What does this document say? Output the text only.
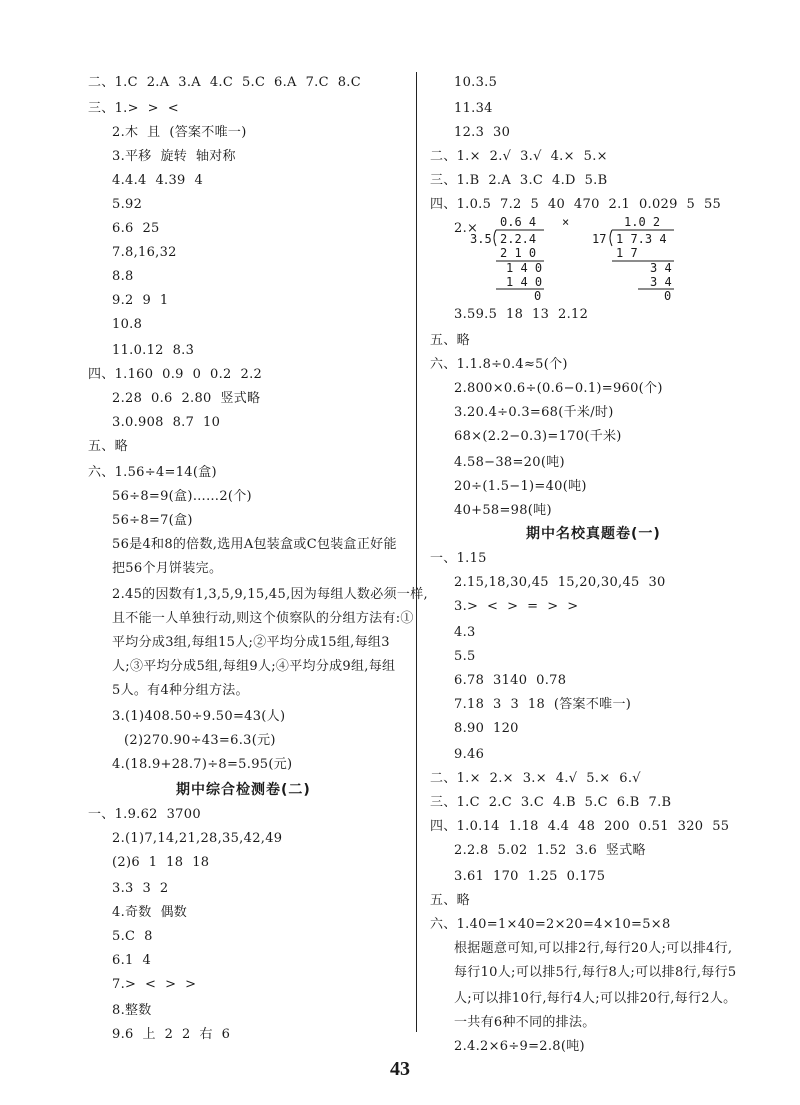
二、1.C  2.A  3.A  4.C  5.C  6.A  7.C  8.C
三、1.>  >  <
2.木  且  (答案不唯一)
3.平移  旋转  轴对称
4.4.4  4.39  4
5.92
6.6  25
7.8,16,32
8.8
9.2  9  1
10.8
11.0.12  8.3̇
四、1.160  0.9  0  0.2  2.2
2.28  0.6  2.80  竖式略
3.0.908  8.7  10
五、略
六、1.56÷4=14(盒)
56÷8=9(盒)……2(个)
56÷8=7(盒)
56是4和8的倍数,选用A包装盒或C包装盒正好能
把56个月饼装完。
2.45的因数有1,3,5,9,15,45,因为每组人数必须一样,
且不能一人单独行动,则这个侦察队的分组方法有:①
平均分成3组,每组15人;②平均分成15组,每组3
人;③平均分成5组,每组9人;④平均分成9组,每组
5人。有4种分组方法。
3.(1)408.50÷9.50=43(人)
(2)270.90÷43=6.3(元)
4.(18.9+28.7)÷8=5.95(元)
期中综合检测卷(二)
一、1.9.62  3700
2.(1)7,14,21,28,35,42,49
(2)6  1  18  18
3.3  3  2
4.奇数  偶数
5.C  8
6.1  4
7.>  <  >  >
8.整数
9.6  上  2  2  右  6
10.3.5
11.34
12.3  30
二、1.×  2.√  3.√  4.×  5.×
三、1.B  2.A  3.C  4.D  5.B
四、1.0.5  7.2  5  40  470  2.1  0.029  5  55
2.× 0.6 4
3.5 2.2.4
2 1 0
1 4 0
1 4 0
0
×	1.0 2
17 1 7.3 4
1 7
3 4
3 4
0
3.59.5  18  13  2.12
五、略
六、1.1.8÷0.4≈5(个)
2.800×0.6÷(0.6−0.1)=960(个)
3.20.4÷0.3=68(千米/时)
68×(2.2−0.3)=170(千米)
4.58−38=20(吨)
20÷(1.5−1)=40(吨)
40+58=98(吨)
期中名校真题卷(一)
一、1.15
2.15,18,30,45  15,20,30,45  30
3.>  <  >  =  >  >
4.3
5.5
6.78  3140  0.78
7.18  3  3  18  (答案不唯一)
8.90  120
9.46
二、1.×  2.×  3.×  4.√  5.×  6.√
三、1.C  2.C  3.C  4.B  5.C  6.B  7.B
四、1.0.14  1.18  4.4  48  200  0.51  320  55
2.2.8  5.02  1.52  3.6  竖式略
3.61  170  1.25  0.175
五、略
六、1.40=1×40=2×20=4×10=5×8
根据题意可知,可以排2行,每行20人;可以排4行,
每行10人;可以排5行,每行8人;可以排8行,每行5
人;可以排10行,每行4人;可以排20行,每行2人。
一共有6种不同的排法。
2.4.2×6÷9=2.8(吨)
43
